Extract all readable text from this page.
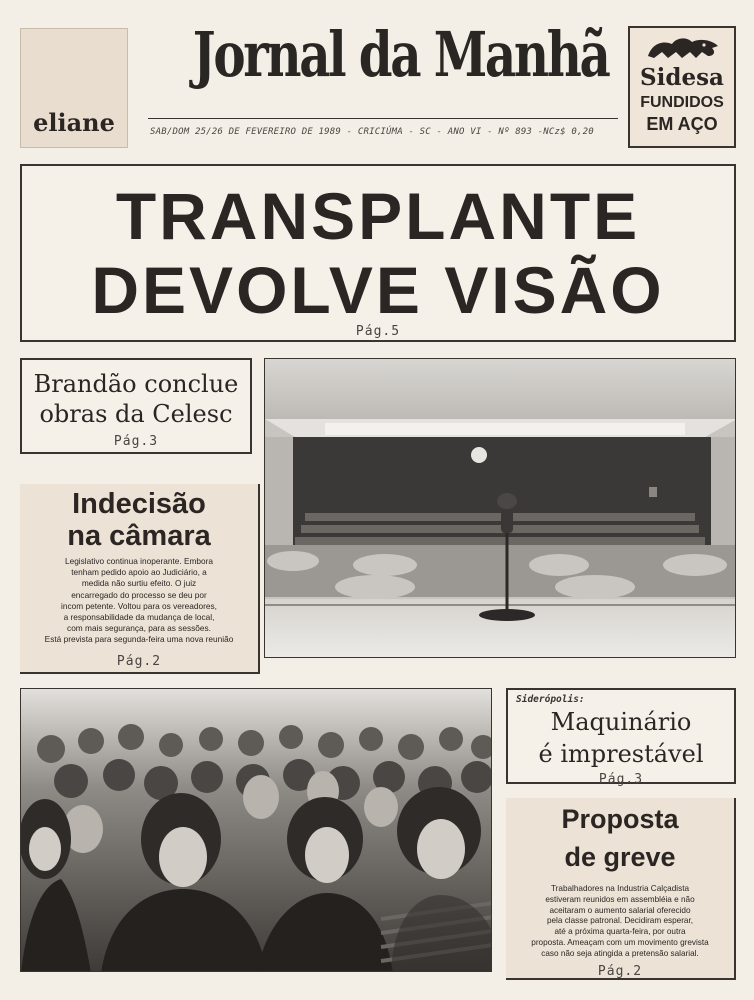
eliane
Jornal da Manhã
SAB/DOM 25/26 DE FEVEREIRO DE 1989 - CRICIÚMA - SC - ANO VI - Nº 893 -NCz$ 0,20
Sidesa
FUNDIDOS
EM AÇO
TRANSPLANTE
DEVOLVE VISÃO
Pág.5
Brandão conclue
obras da Celesc
Pág.3
Indecisão
na câmara
Legislativo continua inoperante. Embora
tenham pedido apoio ao Judiciário, a
medida não surtiu efeito. O juiz
encarregado do processo se deu por
incom petente. Voltou para os vereadores,
a responsabilidade da mudança de local,
com mais segurança, para as sessões.
Está prevista para segunda-feira uma nova reunião
Pág.2
Siderópolis:
Maquinário
é imprestável
Pág.3
Proposta
de greve
Trabalhadores na Industria Calçadista
estiveram reunidos em assembléia e não
aceitaram o aumento salarial oferecido
pela classe patronal. Decidiram esperar,
até a próxima quarta-feira, por outra
proposta. Ameaçam com um movimento grevista
caso não seja atingida a pretensão salarial.
Pág.2
